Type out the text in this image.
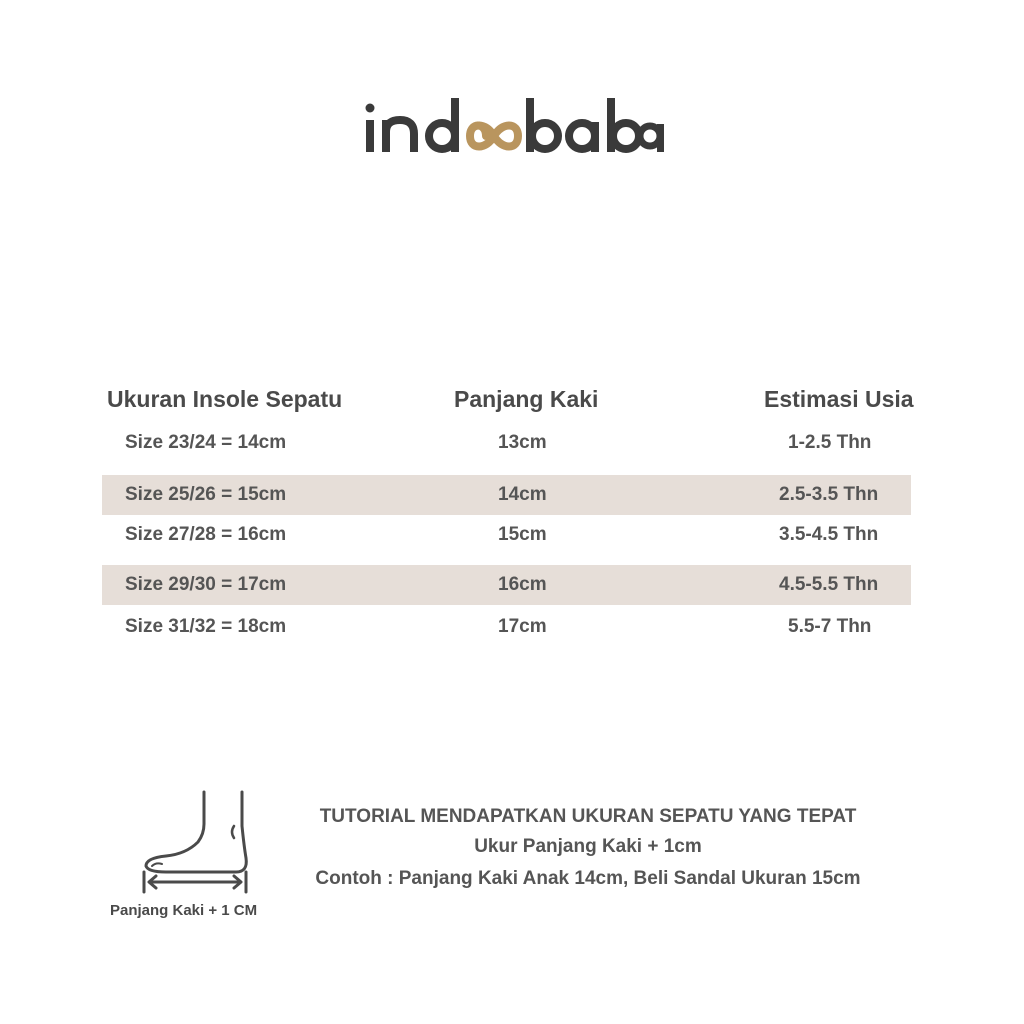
Ukuran Insole Sepatu	Panjang Kaki	Estimasi Usia
Size 23/24 = 14cm	13cm	1-2.5 Thn
Size 25/26 = 15cm	14cm	2.5-3.5 Thn
Size 27/28 = 16cm	15cm	3.5-4.5 Thn
Size 29/30 = 17cm	16cm	4.5-5.5 Thn
Size 31/32 = 18cm	17cm	5.5-7 Thn
Panjang Kaki + 1 CM
TUTORIAL MENDAPATKAN UKURAN SEPATU YANG TEPAT
Ukur Panjang Kaki + 1cm
Contoh : Panjang Kaki Anak 14cm, Beli Sandal Ukuran 15cm
